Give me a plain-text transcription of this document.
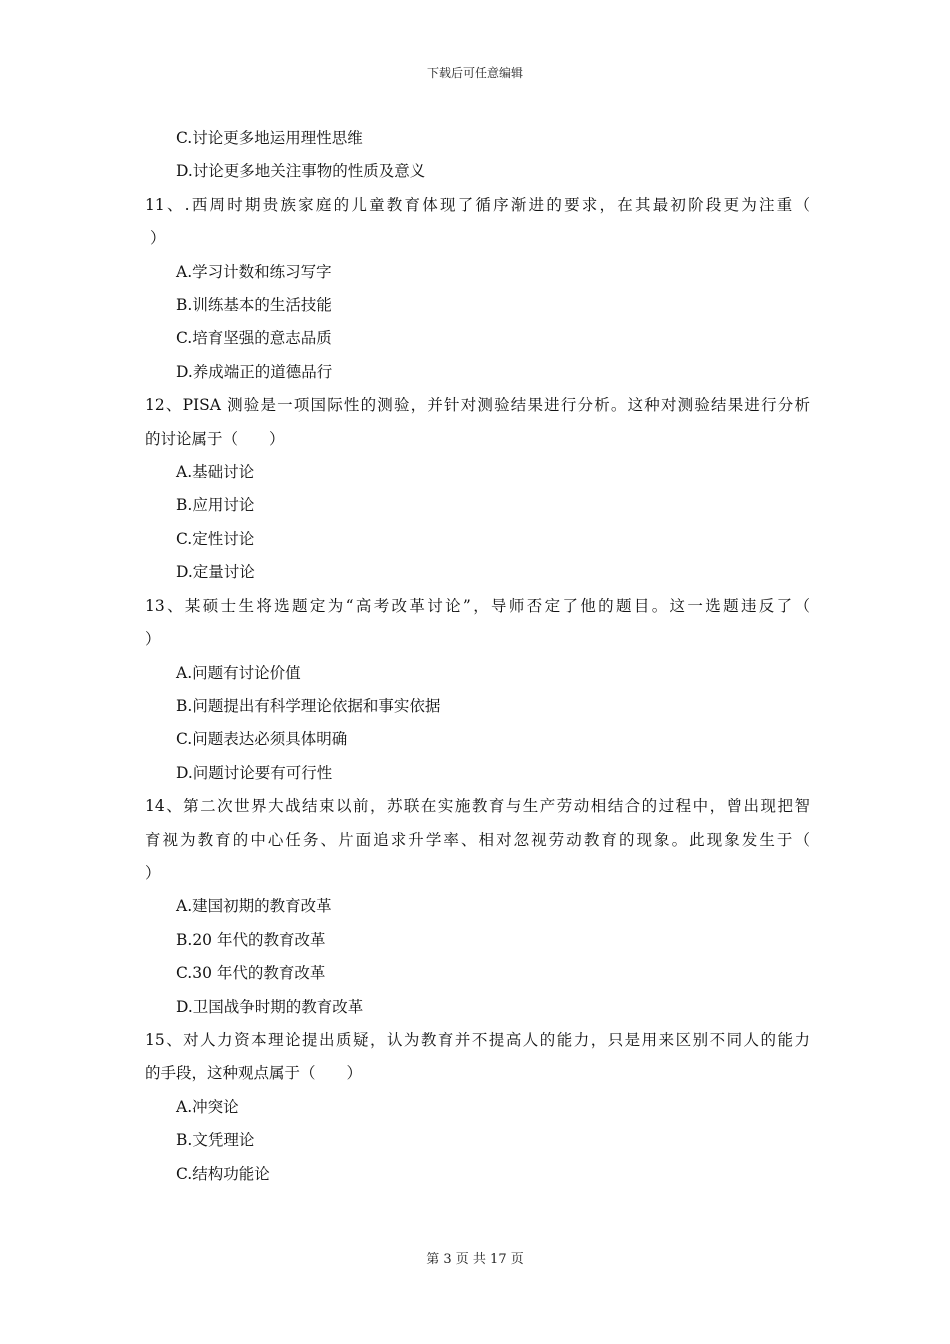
下载后可任意编辑
C.讨论更多地运用理性思维
D.讨论更多地关注事物的性质及意义
11、.西周时期贵族家庭的儿童教育体现了循序渐进的要求，在其最初阶段更为注重（
）
A.学习计数和练习写字
B.训练基本的生活技能
C.培育坚强的意志品质
D.养成端正的道德品行
12、PISA 测验是一项国际性的测验，并针对测验结果进行分析。这种对测验结果进行分析
的讨论属于（　　）
A.基础讨论
B.应用讨论
C.定性讨论
D.定量讨论
13、某硕士生将选题定为“高考改革讨论”，导师否定了他的题目。这一选题违反了（
）
A.问题有讨论价值
B.问题提出有科学理论依据和事实依据
C.问题表达必须具体明确
D.问题讨论要有可行性
14、第二次世界大战结束以前，苏联在实施教育与生产劳动相结合的过程中，曾出现把智
育视为教育的中心任务、片面追求升学率、相对忽视劳动教育的现象。此现象发生于（
）
A.建国初期的教育改革
B.20 年代的教育改革
C.30 年代的教育改革
D.卫国战争时期的教育改革
15、对人力资本理论提出质疑，认为教育并不提高人的能力，只是用来区别不同人的能力
的手段，这种观点属于（　　）
A.冲突论
B.文凭理论
C.结构功能论
第 3 页 共 17 页
